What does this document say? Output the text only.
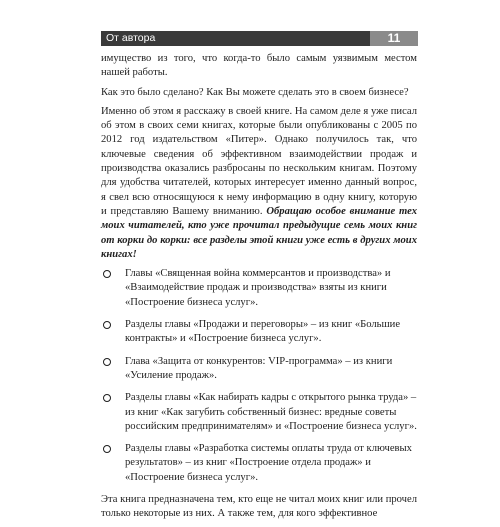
От автора	11

имущество из того, что когда-то было самым уязвимым местом нашей работы.

Как это было сделано? Как Вы можете сделать это в своем бизнесе?

Именно об этом я расскажу в своей книге. На самом деле я уже писал об этом в своих семи книгах, которые были опубликованы с 2005 по 2012 год издательством «Питер». Однако получилось так, что ключевые сведения об эффективном взаимодействии продаж и производства оказались разбросаны по нескольким книгам. Поэтому для удобства читателей, которых интересует именно данный вопрос, я свел всю относящуюся к нему информацию в одну книгу, которую и представляю Вашему вниманию. Обращаю особое внимание тех моих читателей, кто уже прочитал предыдущие семь моих книг от корки до корки: все разделы этой книги уже есть в других моих книгах!

Главы «Священная война коммерсантов и производства» и «Взаимодействие продаж и производства» взяты из книги «Построение бизнеса услуг».
Разделы главы «Продажи и переговоры» – из книг «Большие контракты» и «Построение бизнеса услуг».
Глава «Защита от конкурентов: VIP-программа» – из книги «Усиление продаж».
Разделы главы «Как набирать кадры с открытого рынка труда» – из книг «Как загубить собственный бизнес: вредные советы российским предпринимателям» и «Построение бизнеса услуг».
Разделы главы «Разработка системы оплаты труда от ключевых результатов» – из книг «Построение отдела продаж» и «Построение бизнеса услуг».

Эта книга предназначена тем, кто еще не читал моих книг или прочел только некоторые из них. А также тем, для кого эффективное
